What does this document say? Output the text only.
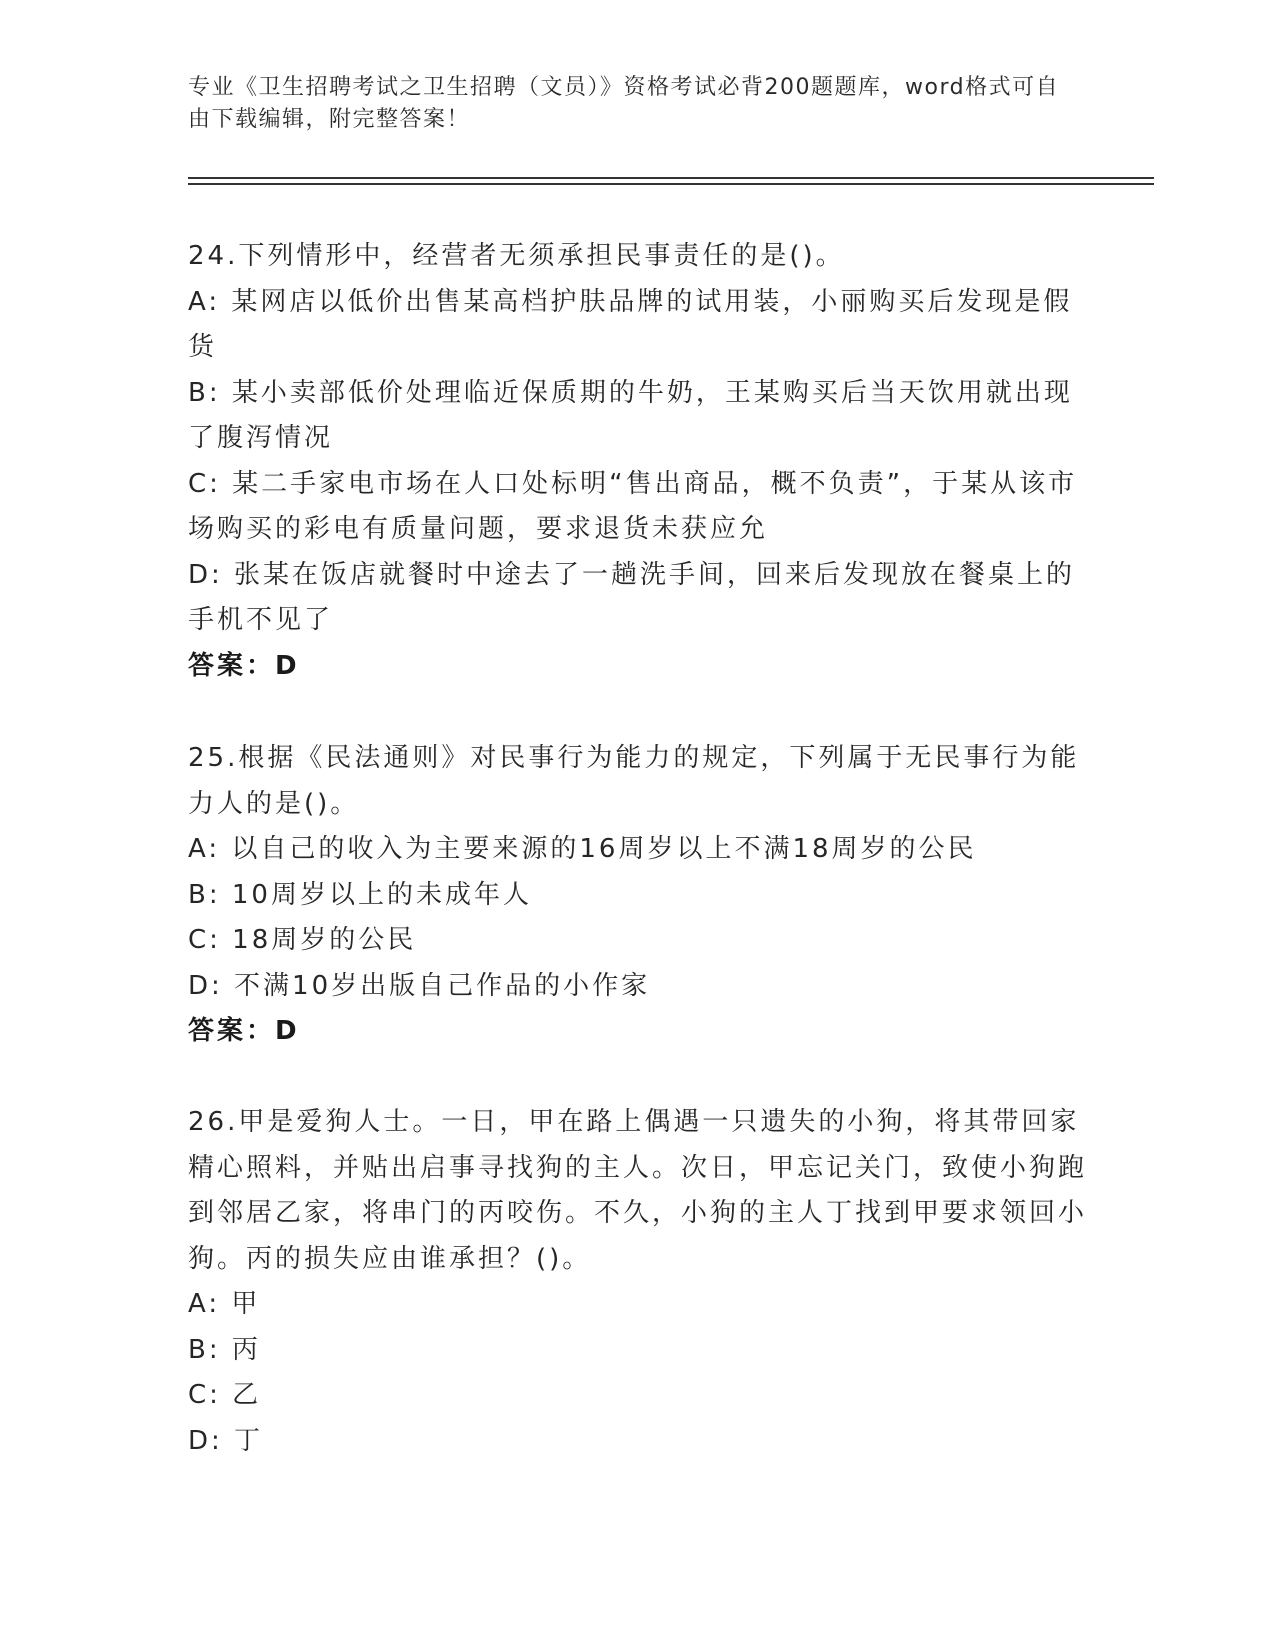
专业《卫生招聘考试之卫生招聘（文员）》资格考试必背200题题库，word格式可自由下载编辑，附完整答案！

24.下列情形中，经营者无须承担民事责任的是()。

A: 某网店以低价出售某高档护肤品牌的试用装，小丽购买后发现是假货

B: 某小卖部低价处理临近保质期的牛奶，王某购买后当天饮用就出现了腹泻情况

C: 某二手家电市场在人口处标明“售出商品，概不负责”，于某从该市场购买的彩电有质量问题，要求退货未获应允

D: 张某在饭店就餐时中途去了一趟洗手间，回来后发现放在餐桌上的手机不见了

答案：D

25.根据《民法通则》对民事行为能力的规定，下列属于无民事行为能力人的是()。

A: 以自己的收入为主要来源的16周岁以上不满18周岁的公民

B: 10周岁以上的未成年人

C: 18周岁的公民

D: 不满10岁出版自己作品的小作家

答案：D

26.甲是爱狗人士。一日，甲在路上偶遇一只遗失的小狗，将其带回家精心照料，并贴出启事寻找狗的主人。次日，甲忘记关门，致使小狗跑到邻居乙家，将串门的丙咬伤。不久，小狗的主人丁找到甲要求领回小狗。丙的损失应由谁承担？()。

A: 甲

B: 丙

C: 乙

D: 丁
